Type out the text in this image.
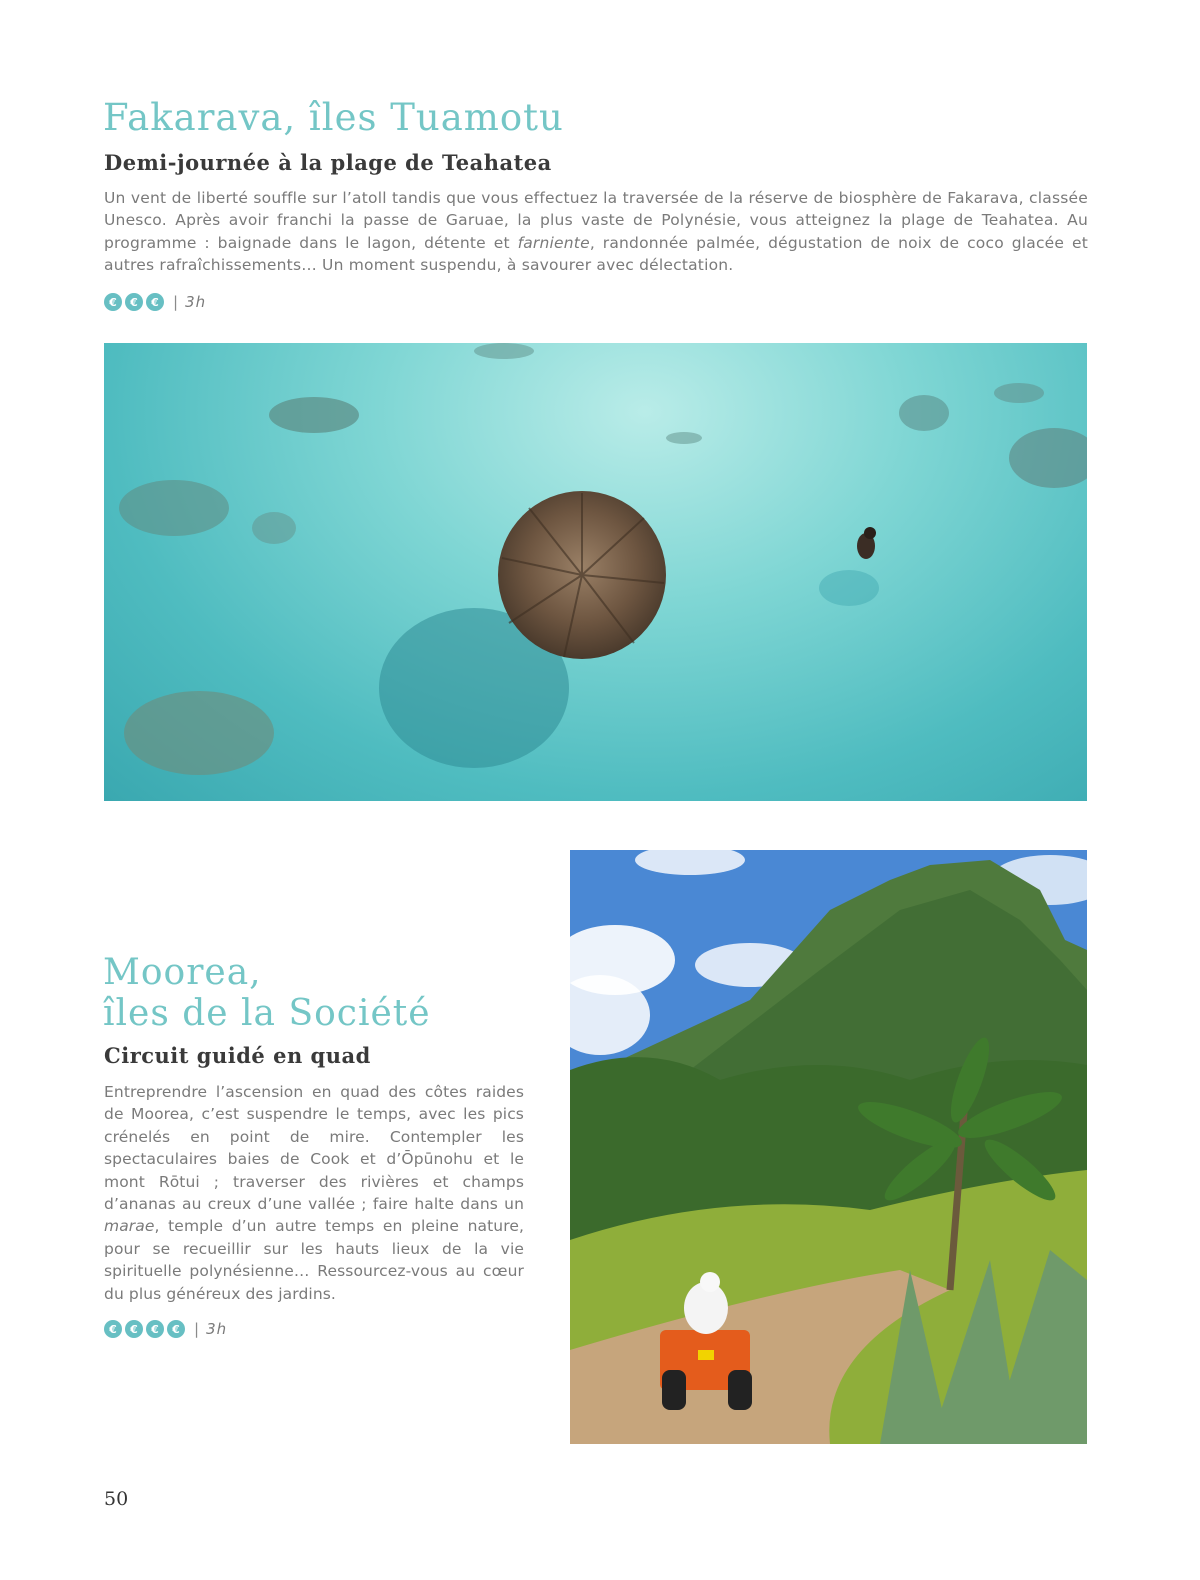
Fakarava, îles Tuamotu
Demi-journée à la plage de Teahatea

Un vent de liberté souffle sur l’atoll tandis que vous effectuez la traversée de la réserve de biosphère de Fakarava, classée Unesco. Après avoir franchi la passe de Garuae, la plus vaste de Polynésie, vous atteignez la plage de Teahatea. Au programme : baignade dans le lagon, détente et farniente, randonnée palmée, dégustation de noix de coco glacée et autres rafraîchissements… Un moment suspendu, à savourer avec délectation.

€	€	€ | 3h
Moorea,
îles de la Société
Circuit guidé en quad

Entreprendre l’ascension en quad des côtes raides de Moorea, c’est suspendre le temps, avec les pics crénelés en point de mire. Contempler les spectaculaires baies de Cook et d’Ōpūnohu et le mont Rōtui ; traverser des rivières et champs d’ananas au creux d’une vallée ; faire halte dans un marae, temple d’un autre temps en pleine nature, pour se recueillir sur les hauts lieux de la vie spirituelle polynésienne… Ressourcez-vous au cœur du plus généreux des jardins.

€	€	€	€ | 3h
50
